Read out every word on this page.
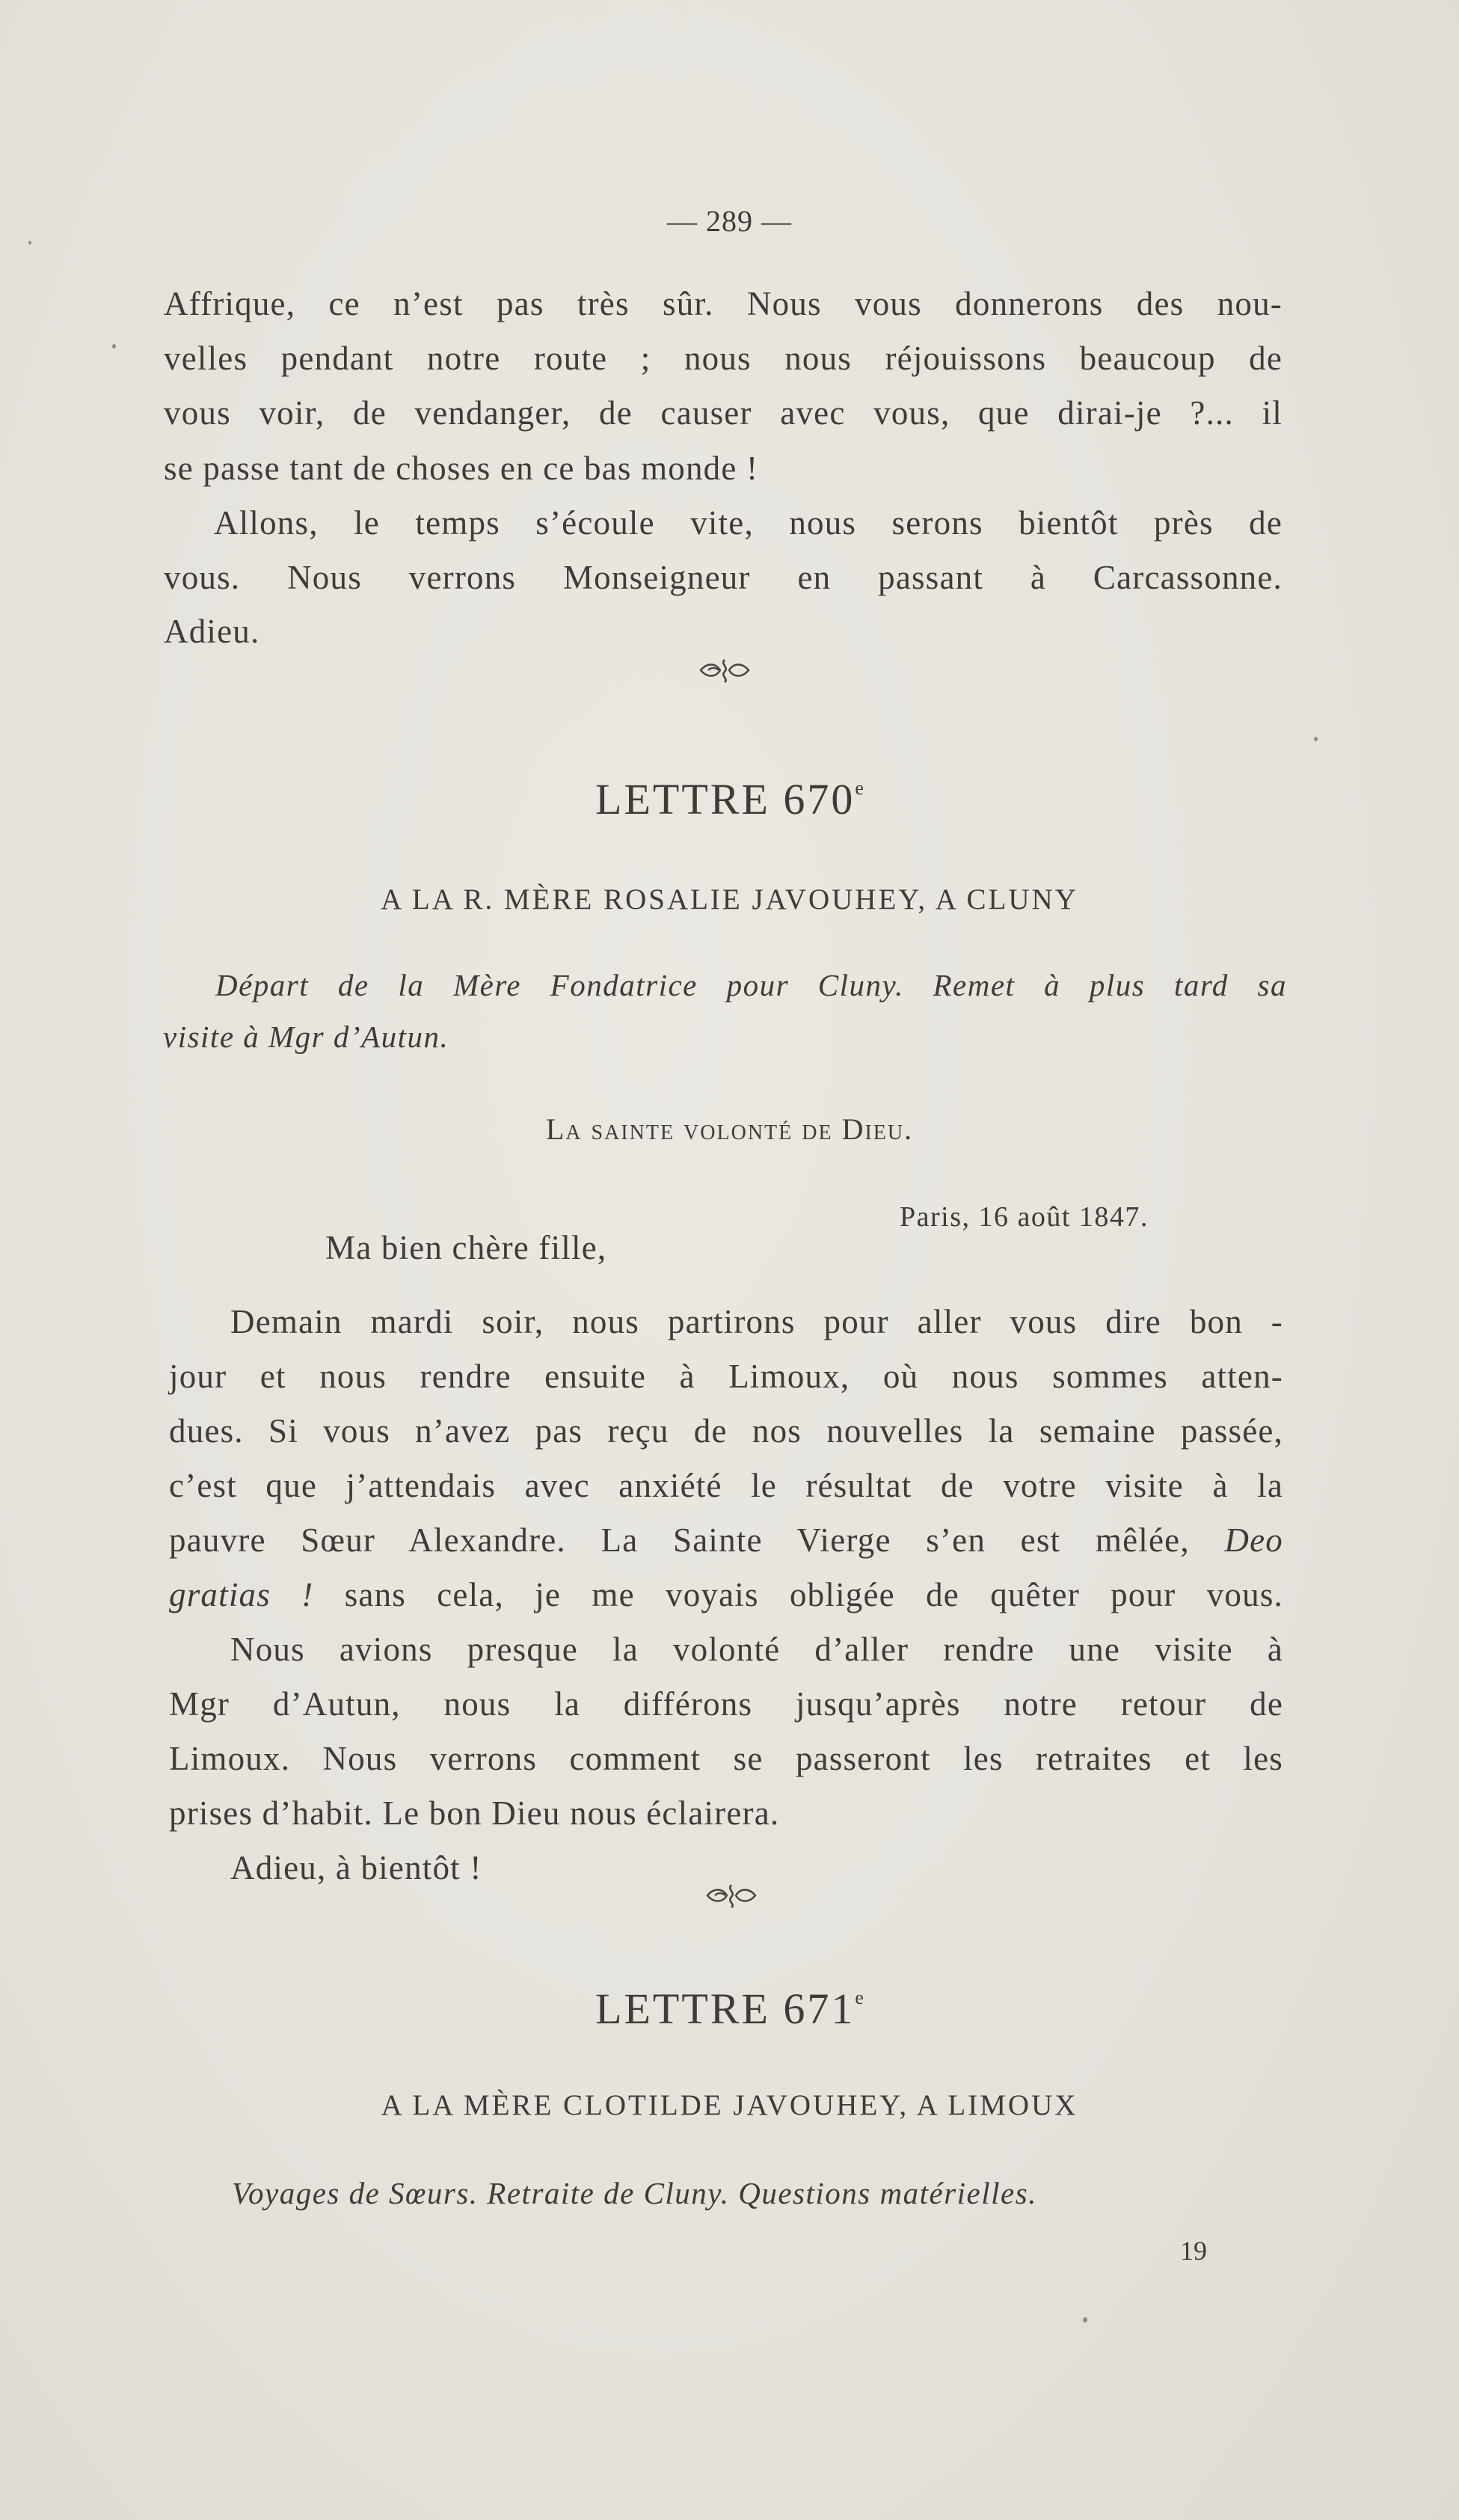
— 289 —
Affrique, ce n’est pas très sûr. Nous vous donnerons des nou-
velles pendant notre route ; nous nous réjouissons beaucoup de
vous voir, de vendanger, de causer avec vous, que dirai-je ?... il
se passe tant de choses en ce bas monde !
Allons, le temps s’écoule vite, nous serons bientôt près de
vous. Nous verrons Monseigneur en passant à Carcassonne.
Adieu.
LETTRE 670e
A LA R. MÈRE ROSALIE JAVOUHEY, A CLUNY
Départ de la Mère Fondatrice pour Cluny. Remet à plus tard sa
visite à Mgr d’Autun.
La sainte volonté de Dieu.
Paris, 16 août 1847.
Ma bien chère fille,
Demain mardi soir, nous partirons pour aller vous dire bon -
jour et nous rendre ensuite à Limoux, où nous sommes atten-
dues. Si vous n’avez pas reçu de nos nouvelles la semaine passée,
c’est que j’attendais avec anxiété le résultat de votre visite à la
pauvre Sœur Alexandre. La Sainte Vierge s’en est mêlée, Deo
gratias ! sans cela, je me voyais obligée de quêter pour vous.
Nous avions presque la volonté d’aller rendre une visite à
Mgr d’Autun, nous la différons jusqu’après notre retour de
Limoux. Nous verrons comment se passeront les retraites et les
prises d’habit. Le bon Dieu nous éclairera.
Adieu, à bientôt !
LETTRE 671e
A LA MÈRE CLOTILDE JAVOUHEY, A LIMOUX
Voyages de Sœurs. Retraite de Cluny. Questions matérielles.
19
